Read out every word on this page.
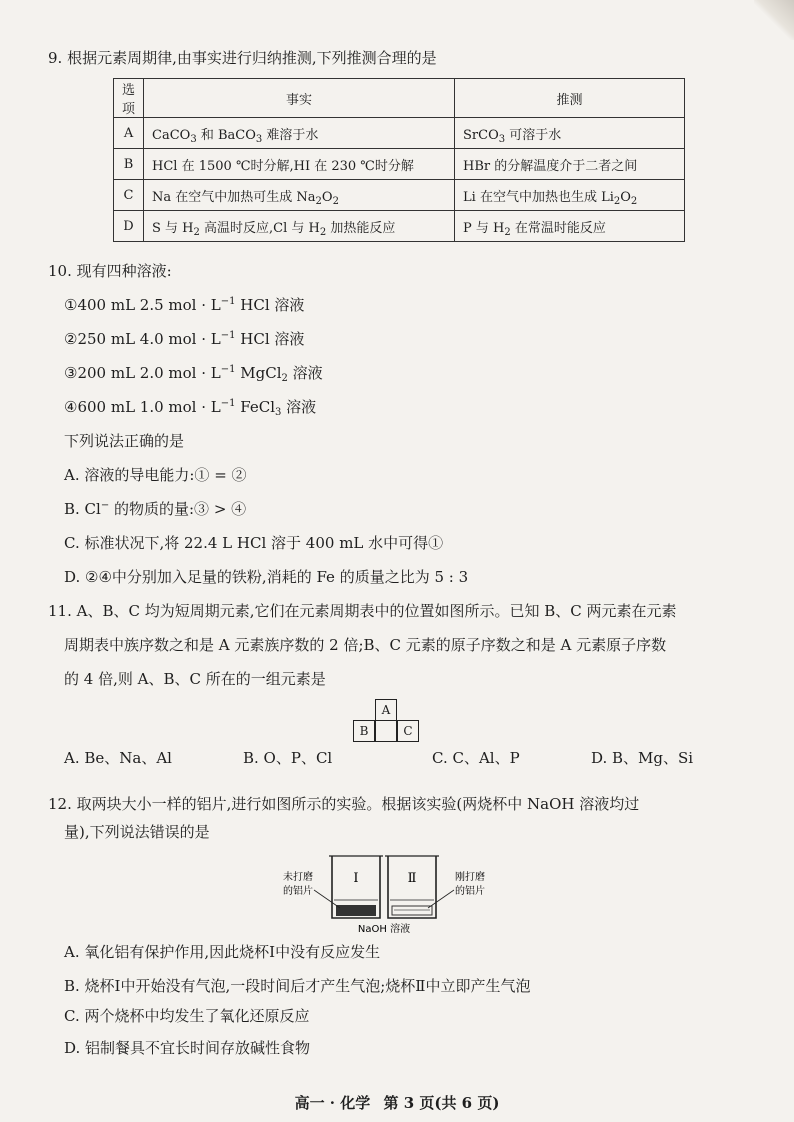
9. 根据元素周期律,由事实进行归纳推测,下列推测合理的是
选项	事实	推测
A	CaCO$_3$ 和 BaCO$_3$ 难溶于水	SrCO$_3$ 可溶于水
B	HCl 在 1500 ℃时分解,HI 在 230 ℃时分解	HBr 的分解温度介于二者之间
C	Na 在空气中加热可生成 $Na_2O_2$	Li 在空气中加热也生成 $Li_2O_2$
D	S 与 $H_2$ 高温时反应,Cl 与 $H_2$ 加热能反应	P 与 $H_2$ 在常温时能反应
10. 现有四种溶液:
①400 mL 2.5 mol · $L^{-1}$ HCl 溶液
②250 mL 4.0 mol · $L^{-1}$ HCl 溶液
③200 mL 2.0 mol · $L^{-1}$ MgCl$_2$ 溶液
④600 mL 1.0 mol · $L^{-1}$ FeCl$_3$ 溶液
下列说法正确的是
A. 溶液的导电能力:① = ②
B. Cl− 的物质的量:③ > ④
C. 标准状况下,将 22.4 L HCl 溶于 400 mL 水中可得①
D. ②④中分别加入足量的铁粉,消耗的 Fe 的质量之比为 5 : 3
11. A、B、C 均为短周期元素,它们在元素周期表中的位置如图所示。已知 B、C 两元素在元素
周期表中族序数之和是 A 元素族序数的 2 倍;B、C 元素的原子序数之和是 A 元素原子序数
的 4 倍,则 A、B、C 所在的一组元素是
A
B	C
A. Be、Na、Al	B. O、P、Cl	C. C、Al、P	D. B、Mg、Si
12. 取两块大小一样的铝片,进行如图所示的实验。根据该实验(两烧杯中 NaOH 溶液均过
量),下列说法错误的是
Ⅰ	Ⅱ
未打磨
的铝片
刚打磨
的铝片
NaOH 溶液
A. 氧化铝有保护作用,因此烧杯Ⅰ中没有反应发生
B. 烧杯Ⅰ中开始没有气泡,一段时间后才产生气泡;烧杯Ⅱ中立即产生气泡
C. 两个烧杯中均发生了氧化还原反应
D. 铝制餐具不宜长时间存放碱性食物
高一 · 化学 第 3 页(共 6 页)
